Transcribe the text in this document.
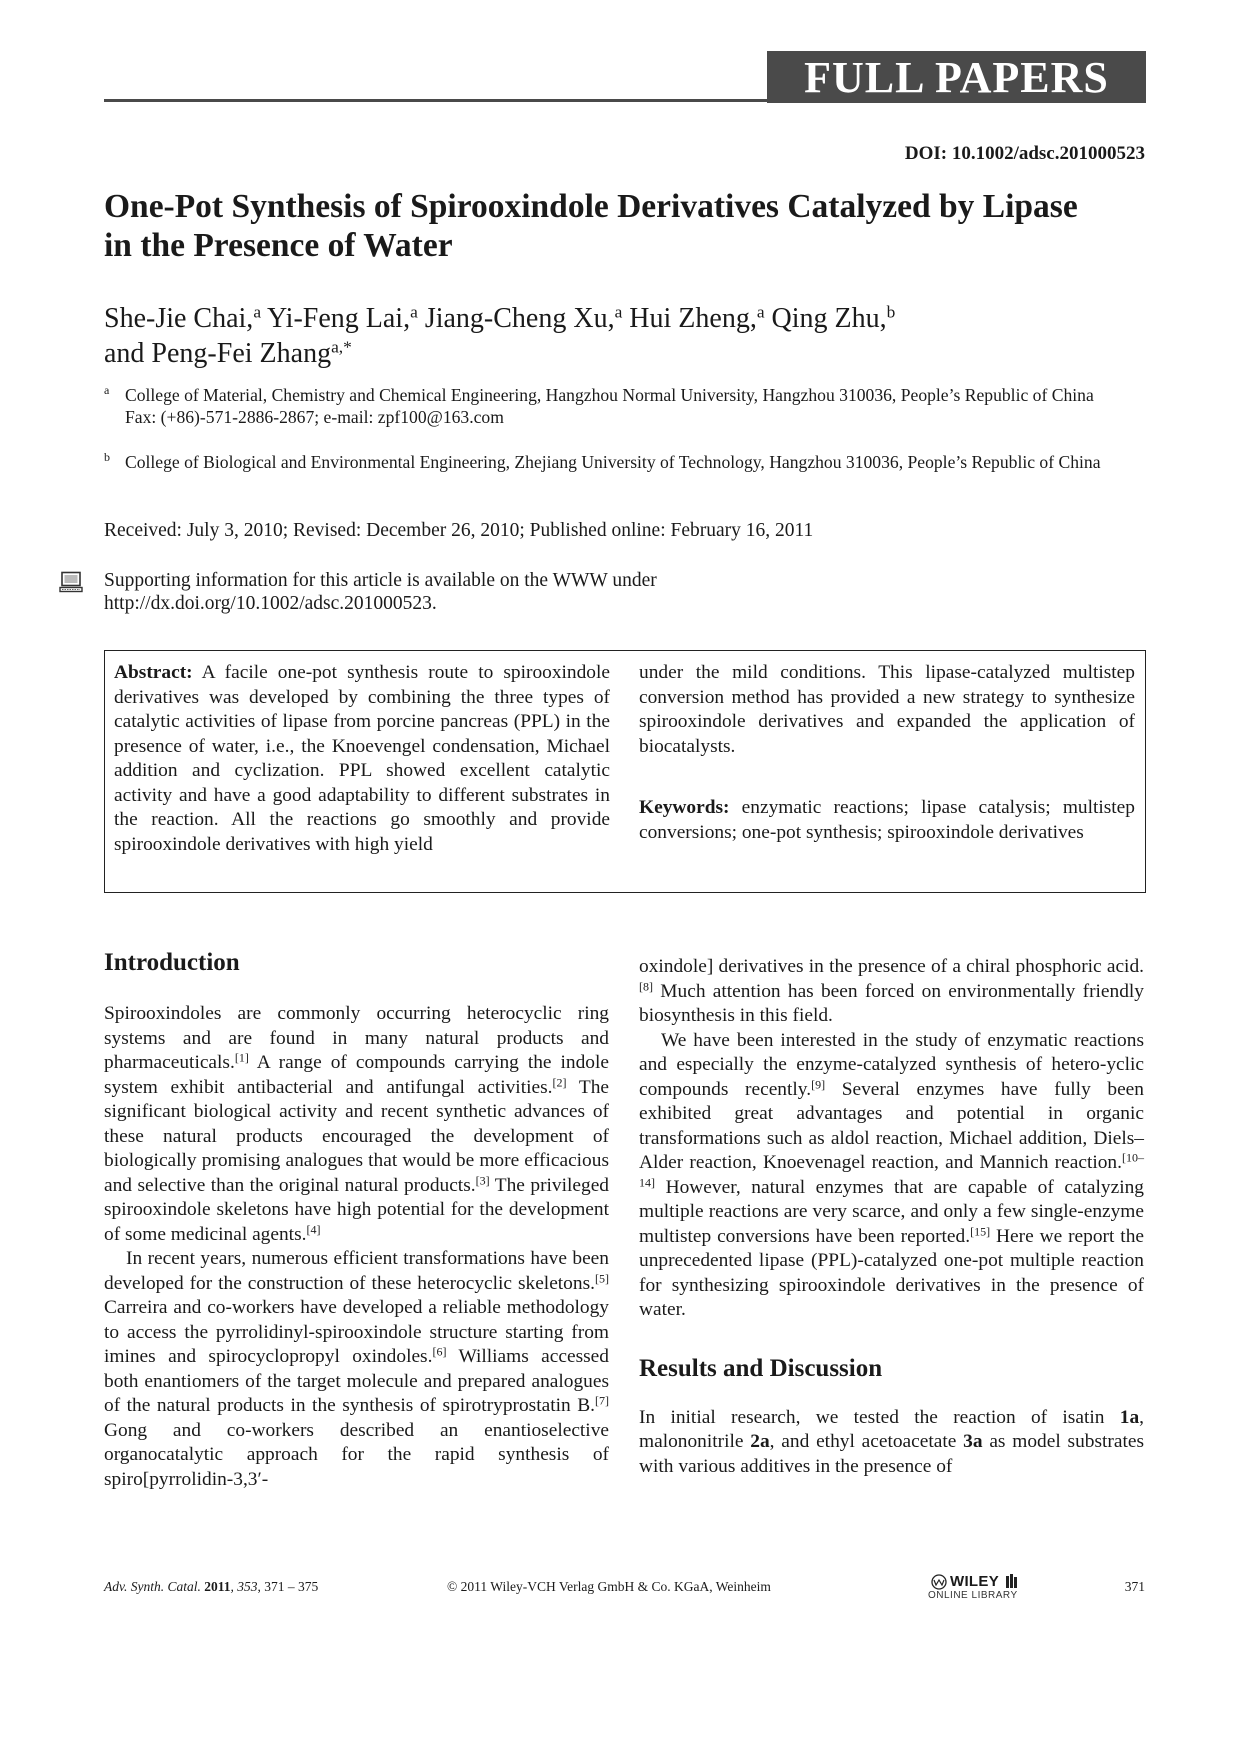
FULL PAPERS
DOI: 10.1002/adsc.201000523
One-Pot Synthesis of Spirooxindole Derivatives Catalyzed by Lipase in the Presence of Water
She-Jie Chai,$^a$ Yi-Feng Lai,$^a$ Jiang-Cheng Xu,$^a$ Hui Zheng,$^a$ Qing Zhu,$^b$
and Peng-Fei Zhang$^{a,*}$
a College of Material, Chemistry and Chemical Engineering, Hangzhou Normal University, Hangzhou 310036, People’s Republic of China
Fax: (+86)-571-2886-2867; e-mail: zpf100@163.com
b College of Biological and Environmental Engineering, Zhejiang University of Technology, Hangzhou 310036, People’s Republic of China
Received: July 3, 2010; Revised: December 26, 2010; Published online: February 16, 2011
Supporting information for this article is available on the WWW under
http://dx.doi.org/10.1002/adsc.201000523.
Abstract: A facile one-pot synthesis route to spirooxindole derivatives was developed by combining the three types of catalytic activities of lipase from porcine pancreas (PPL) in the presence of water, i.e., the Knoevengel condensation, Michael addition and cyclization. PPL showed excellent catalytic activity and have a good adaptability to different substrates in the reaction. All the reactions go smoothly and provide spirooxindole derivatives with high yield
under the mild conditions. This lipase-catalyzed multistep conversion method has provided a new strategy to synthesize spirooxindole derivatives and expanded the application of biocatalysts.
Keywords: enzymatic reactions; lipase catalysis; multistep conversions; one-pot synthesis; spirooxindole derivatives
Introduction

Spirooxindoles are commonly occurring heterocyclic ring systems and are found in many natural products and pharmaceuticals.[1] A range of compounds carrying the indole system exhibit antibacterial and antifungal activities.[2] The significant biological activity and recent synthetic advances of these natural products encouraged the development of biologically promising analogues that would be more efficacious and selective than the original natural products.[3] The privileged spirooxindole skeletons have high potential for the development of some medicinal agents.[4]

In recent years, numerous efficient transformations have been developed for the construction of these heterocyclic skeletons.[5] Carreira and co-workers have developed a reliable methodology to access the pyrrolidinyl-spirooxindole structure starting from imines and spirocyclopropyl oxindoles.[6] Williams accessed both enantiomers of the target molecule and prepared analogues of the natural products in the synthesis of spirotryprostatin B.[7] Gong and co-workers described an enantioselective organocatalytic approach for the rapid synthesis of spiro[pyrrolidin-3,3′-

oxindole] derivatives in the presence of a chiral phosphoric acid.[8] Much attention has been forced on environmentally friendly biosynthesis in this field.

We have been interested in the study of enzymatic reactions and especially the enzyme-catalyzed synthesis of hetero-yclic compounds recently.[9] Several enzymes have fully been exhibited great advantages and potential in organic transformations such as aldol reaction, Michael addition, Diels–Alder reaction, Knoevenagel reaction, and Mannich reaction.[10–14] However, natural enzymes that are capable of catalyzing multiple reactions are very scarce, and only a few single-enzyme multistep conversions have been reported.[15] Here we report the unprecedented lipase (PPL)-catalyzed one-pot multiple reaction for synthesizing spirooxindole derivatives in the presence of water.

Results and Discussion

In initial research, we tested the reaction of isatin 1a, malononitrile 2a, and ethyl acetoacetate 3a as model substrates with various additives in the presence of

Adv. Synth. Catal. 2011, 353, 371 – 375	© 2011 Wiley-VCH Verlag GmbH & Co. KGaA, Weinheim	WILEY
ONLINE LIBRARY
371
